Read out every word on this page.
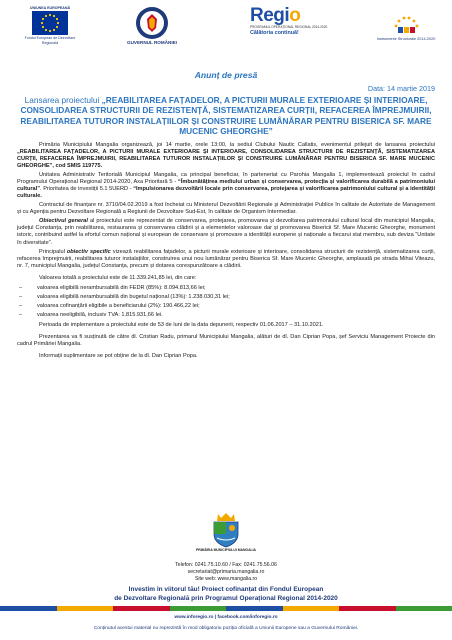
UNIUNEA EUROPEANĂ
Fondul European de Dezvoltare Regională	GUVERNUL ROMÂNIEI
Regio
PROGRAMUL OPERAȚIONAL REGIONAL 2014-2020
Călătoria continuă!
Instrumente Structurale 2014-2020
Anunț de presă
Data: 14 martie 2019
Lansarea proiectului „REABILITAREA FAȚADELOR, A PICTURII MURALE EXTERIOARE ȘI INTERIOARE, CONSOLIDAREA STRUCTURII DE REZISTENȚĂ, SISTEMATIZAREA CURȚII, REFACEREA ÎMPREJMUIRII, REABILITAREA TUTUROR INSTALAȚIILOR ȘI CONSTRUIRE LUMÂNĂRAR PENTRU BISERICA SF. MARE MUCENIC GHEORGHE”

Primăria Municipiului Mangalia organizează, joi 14 martie, orele 13:00, la sediul Clubului Nautic Callatis, evenimentul prilejuit de lansarea proiectului „REABILITAREA FAȚADELOR, A PICTURII MURALE EXTERIOARE ȘI INTERIOARE, CONSOLIDAREA STRUCTURII DE REZISTENȚĂ, SISTEMATIZAREA CURȚII, REFACEREA ÎMPREJMUIRII, REABILITAREA TUTUROR INSTALAȚIILOR ȘI CONSTRUIRE LUMÂNĂRAR PENTRU BISERICA SF. MARE MUCENIC GHEORGHE”, cod SMIS 119775.

Unitatea Administrativ Teritorială Municipiul Mangalia, ca principal beneficiar, în parteneriat cu Parohia Mangalia 1, implementează proiectul în cadrul Programului Operațional Regional 2014-2020, Axa Prioritară 5 - “Îmbunătățirea mediului urban și conservarea, protecția și valorificarea durabilă a patrimoniului cultural”. Prioritatea de investiții 5.1 5UERD - “Impulsionarea dezvoltării locale prin conservarea, protejarea și valorificarea patrimoniului cultural și a identității culturale.

Contractul de finanțare nr. 3710/04.02.2019 a fost încheiat cu Ministerul Dezvoltării Regionale și Administrației Publice în calitate de Autoritate de Management și cu Agenția pentru Dezvoltare Regională a Regiunii de Dezvoltare Sud-Est, în calitate de Organism Intermediar.

Obiectivul general al proiectului este reprezentat de conservarea, protejarea, promovarea și dezvoltarea patrimoniului cultural local din municipiul Mangalia, județul Constanța, prin reabilitarea, restaurarea și conservarea clădirii și a elementelor valoroase dar și promovarea Bisericii Sf. Mare Mucenic Gheorghe, monument istoric, contribuind astfel la efortul comun național și european de conservare și promovare a identității europene și naționale a fiecarui stat membru, sub deviza “Unitate în diversitate”.

Principalul obiectiv specific vizează reabilitarea fațadelor, a picturii murale exterioare și interioare, consolidarea structurii de rezistență, sistematizarea curții, refacerea împrejmuirii, reabilitarea tuturor instalațiilor, construirea unui nou lumânărar pentru Biserica Sf. Mare Mucenic Gheorghe, amplasată pe strada Mihai Viteazu, nr. 7, municipiul Mangalia, județul Constanța, precum și dotarea corespunzătoare a clădirii.

Valoarea totală a proiectului este de 11.339.241,85 lei, din care:

– valoarea eligibilă nerambursabilă din FEDR (85%): 8.094.813,66 lei;
– valoarea eligibilă nerambursabilă din bugetul național (13%): 1.238.030,31 lei;
– valoarea cofinanțării eligibile a beneficiarului (2%): 190.466,22 lei;
– valoarea neeligibilă, inclusiv TVA: 1.815.931,66 lei.

Perioada de implementare a proiectului este de 53 de luni de la data depunerii, respectiv 01.06.2017 – 31.10.2021.

Prezentarea va fi susținută de către dl. Cristian Radu, primarul Municipiului Mangalia, alături de dl. Dan Ciprian Popa, șef Serviciu Management Proiecte din cadrul Primăriei Mangalia.

Informații suplimentare se pot obține de la dl. Dan Ciprian Popa.

PRIMĂRIA MUNICIPIULUI MANGALIA
Telefon: 0241.75.10.60 / Fax: 0241.75.56.06
secretariat@primaria.mangalia.ro
Site web: www.mangalia.ro
Investim în viitorul tău! Proiect cofinanțat din Fondul European
de Dezvoltare Regională prin Programul Operațional Regional 2014-2020
www.inforegio.ro | facebook.com/inforegio.ro
Conținutul acestui material nu reprezintă în mod obligatoriu poziția oficială a Uniunii Europene sau a Guvernului României.
